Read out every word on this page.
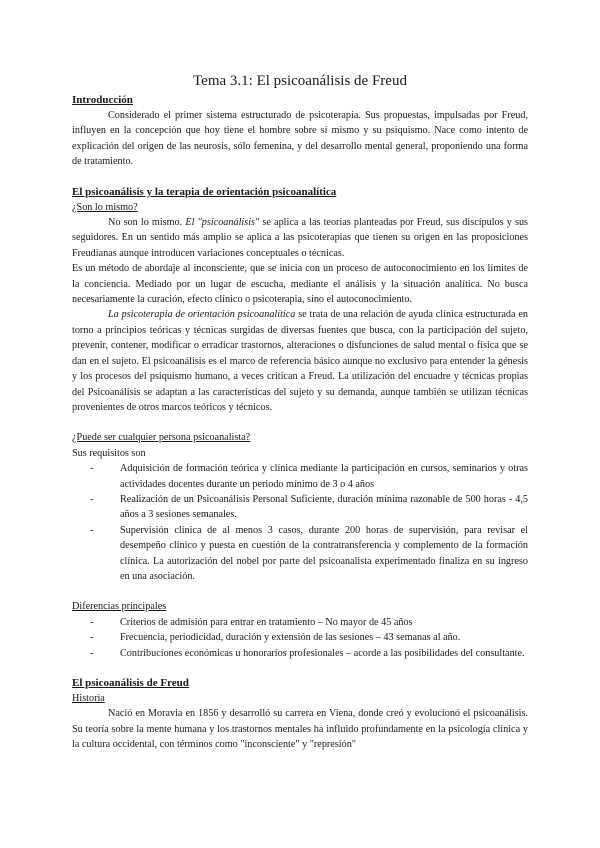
Tema 3.1: El psicoanálisis de Freud
Introducción

Considerado el primer sistema estructurado de psicoterapia. Sus propuestas, impulsadas por Freud, influyen en la concepción que hoy tiene el hombre sobre sí mismo y su psiquismo. Nace como intento de explicación del origen de las neurosis, sólo femenina, y del desarrollo mental general, proponiendo una forma de tratamiento.

El psicoanálisis y la terapia de orientación psicoanalítica
¿Son lo mismo?

No son lo mismo. El "psicoanálisis" se aplica a las teorías planteadas por Freud, sus discípulos y sus seguidores. En un sentido más amplio se aplica a las psicoterapias que tienen su origen en las proposiciones Freudianas aunque introducen variaciones conceptuales o técnicas.

Es un método de abordaje al inconsciente, que se inicia con un proceso de autoconocimiento en los límites de la conciencia. Mediado por un lugar de escucha, mediante el análisis y la situación analítica. No busca necesariamente la curación, efecto clínico o psicoterapia, sino el autoconocimiento.

La psicoterapia de orientación psicoanalítica se trata de una relación de ayuda clínica estructurada en torno a principios teóricas y técnicas surgidas de diversas fuentes que busca, con la participación del sujeto, prevenir, contener, modificar o erradicar trastornos, alteraciones o disfunciones de salud mental o física que se dan en el sujeto. El psicoanálisis es el marco de referencia básico aunque no exclusivo para entender la génesis y los procesos del psiquismo humano, a veces critican a Freud. La utilización del encuadre y técnicas propias del Psicoanálisis se adaptan a las características del sujeto y su demanda, aunque también se utilizan técnicas provenientes de otros marcos teóricos y técnicos.

¿Puede ser cualquier persona psicoanalista?

Sus requisitos son

-	Adquisición de formación teórica y clínica mediante la participación en cursos, seminarios y otras actividades docentes durante un periodo mínimo de 3 o 4 años
-	Realización de un Psicoanálisis Personal Suficiente, duración mínima razonable de 500 horas - 4,5 años a 3 sesiones semanales.
-	Supervisión clínica de al menos 3 casos, durante 200 horas de supervisión, para revisar el desempeño clínico y puesta en cuestión de la contratransferencia y complemento de la formación clínica. La autorización del nobel por parte del psicoanalista experimentado finaliza en su ingreso en una asociación.
Diferencias principales
-	Criterios de admisión para entrar en tratamiento – No mayor de 45 años
-	Frecuencia, periodicidad, duración y extensión de las sesiones – 43 semanas al año.
-	Contribuciones económicas u honorarios profesionales – acorde a las posibilidades del consultante.
El psicoanálisis de Freud
Historia

Nació en Moravia en 1856 y desarrolló su carrera en Viena, donde creó y evolucionó el psicoanálisis. Su teoría sobre la mente humana y los trastornos mentales ha influido profundamente en la psicología clínica y la cultura occidental, con términos como "inconsciente" y "represión"
